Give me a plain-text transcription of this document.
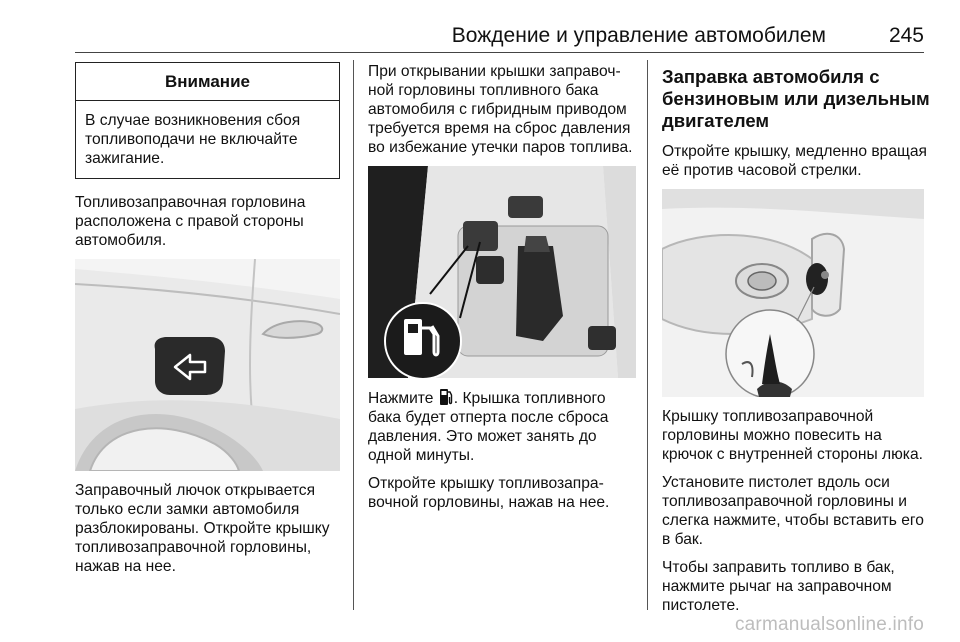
Вождение и управление автомобилем	245
Внимание

В случае возникновения сбоя топливоподачи не включайте зажигание.

Топливозаправочная горловина расположена с правой стороны автомобиля.

Заправочный лючок открывается только если замки автомобиля разблокированы. Откройте крышку топливозаправочной горловины, нажав на нее.

При открывании крышки заправочной горловины топливного бака автомобиля с гибридным приводом требуется время на сброс давления во избежание утечки паров топлива.

Нажмите . Крышка топливного бака будет отперта после сброса давления. Это может занять до одной минуты.

Откройте крышку топливозаправочной горловины, нажав на нее.

Заправка автомобиля с бензиновым или дизельным двигателем

Откройте крышку, медленно вращая её против часовой стрелки.

Крышку топливозаправочной горловины можно повесить на крючок с внутренней стороны люка.

Установите пистолет вдоль оси топливозаправочной горловины и слегка нажмите, чтобы вставить его в бак.

Чтобы заправить топливо в бак, нажмите рычаг на заправочном пистолете.

carmanualsonline.info
